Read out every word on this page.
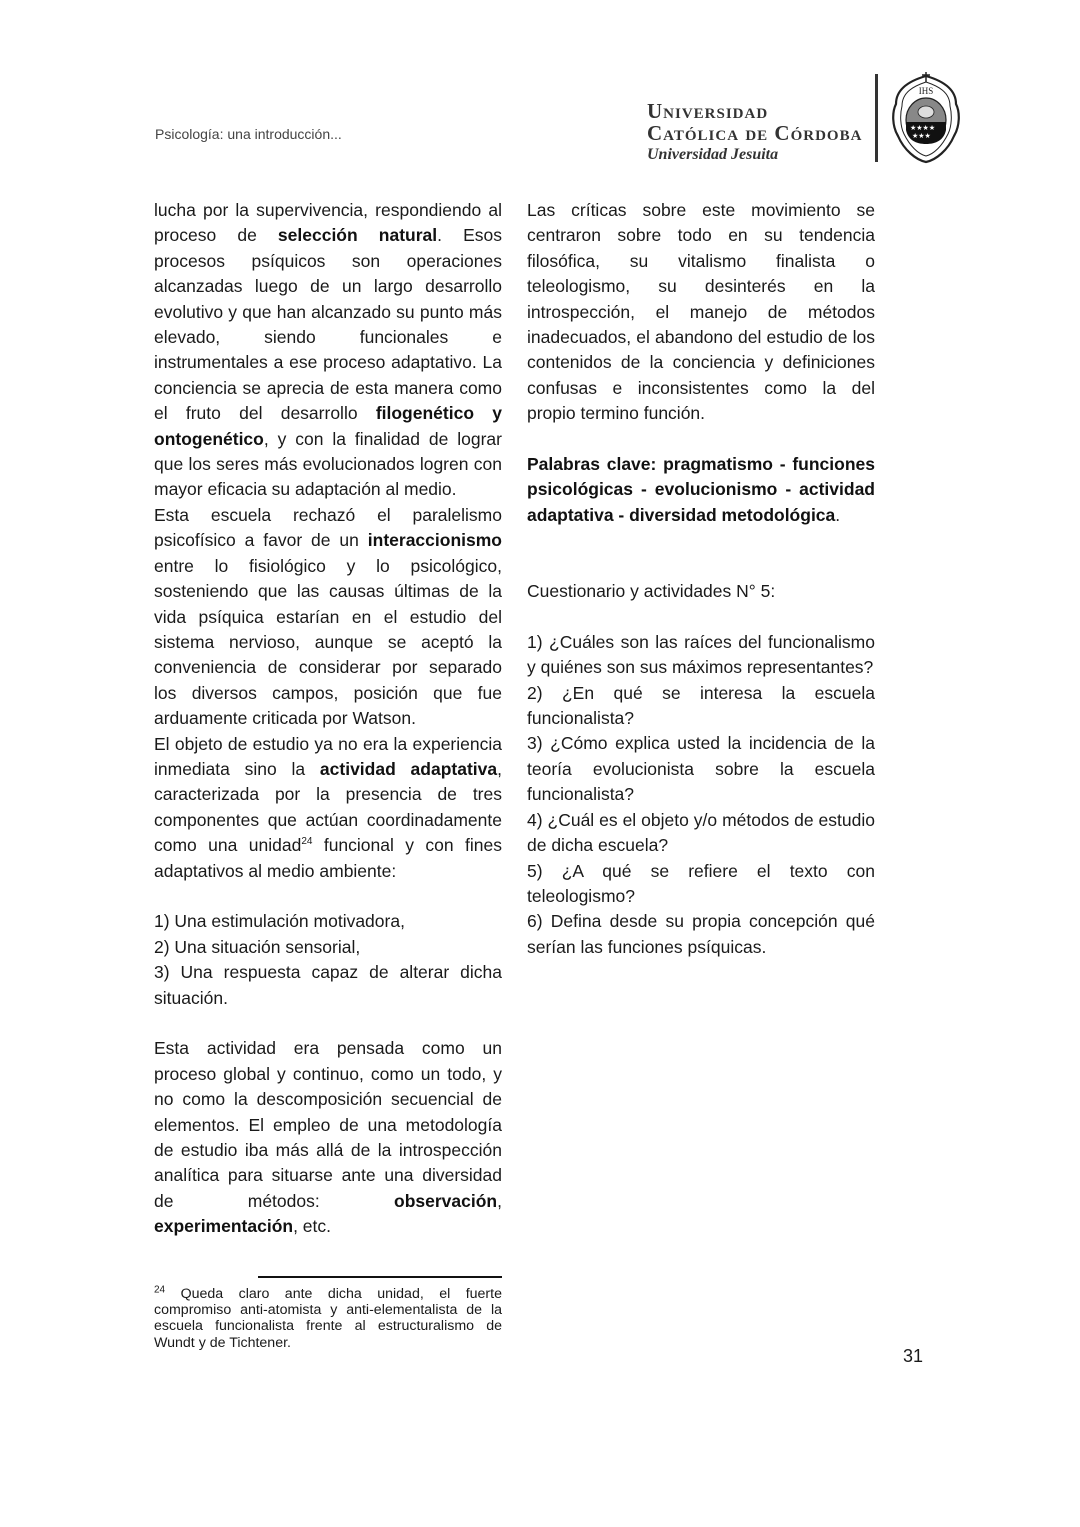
Psicología: una introducción...
Universidad
Católica de Córdoba
Universidad Jesuita
IHS
★★★★
★★★

lucha por la supervivencia, respondiendo al proceso de selección natural. Esos procesos psíquicos son operaciones alcanzadas luego de un largo desarrollo evolutivo y que han alcanzado su punto más elevado, siendo funcionales e instrumentales a ese proceso adaptativo. La conciencia se aprecia de esta manera como el fruto del desarrollo filogenético y ontogenético, y con la finalidad de lograr que los seres más evolucionados logren con mayor eficacia su adaptación al medio.

Esta escuela rechazó el paralelismo psicofísico a favor de un interaccionismo entre lo fisiológico y lo psicológico, sosteniendo que las causas últimas de la vida psíquica estarían en el estudio del sistema nervioso, aunque se aceptó la conveniencia de considerar por separado los diversos campos, posición que fue arduamente criticada por Watson.

El objeto de estudio ya no era la experiencia inmediata sino la actividad adaptativa, caracterizada por la presencia de tres componentes que actúan coordinadamente como una unidad$^{24}$ funcional y con fines adaptativos al medio ambiente:

1) Una estimulación motivadora,

2) Una situación sensorial,

3) Una respuesta capaz de alterar dicha situación.

Esta actividad era pensada como un proceso global y continuo, como un todo, y no como la descomposición secuencial de elementos. El empleo de una metodología de estudio iba más allá de la introspección analítica para situarse ante una diversidad de métodos: observación, experimentación, etc.

$^{24}$ Queda claro ante dicha unidad, el fuerte compromiso anti-atomista y anti-elementalista de la escuela funcionalista frente al estructuralismo de Wundt y de Tichtener.

Las críticas sobre este movimiento se centraron sobre todo en su tendencia filosófica, su vitalismo finalista o teleologismo, su desinterés en la introspección, el manejo de métodos inadecuados, el abandono del estudio de los contenidos de la conciencia y definiciones confusas e inconsistentes como la del propio termino función.

Palabras clave: pragmatismo - funciones psicológicas - evolucionismo - actividad adaptativa - diversidad metodológica.

Cuestionario y actividades N° 5:

1) ¿Cuáles son las raíces del funcionalismo y quiénes son sus máximos representantes?

2) ¿En qué se interesa la escuela funcionalista?

3) ¿Cómo explica usted la incidencia de la teoría evolucionista sobre la escuela funcionalista?

4) ¿Cuál es el objeto y/o métodos de estudio de dicha escuela?

5) ¿A qué se refiere el texto con teleologismo?

6) Defina desde su propia concepción qué serían las funciones psíquicas.

31
